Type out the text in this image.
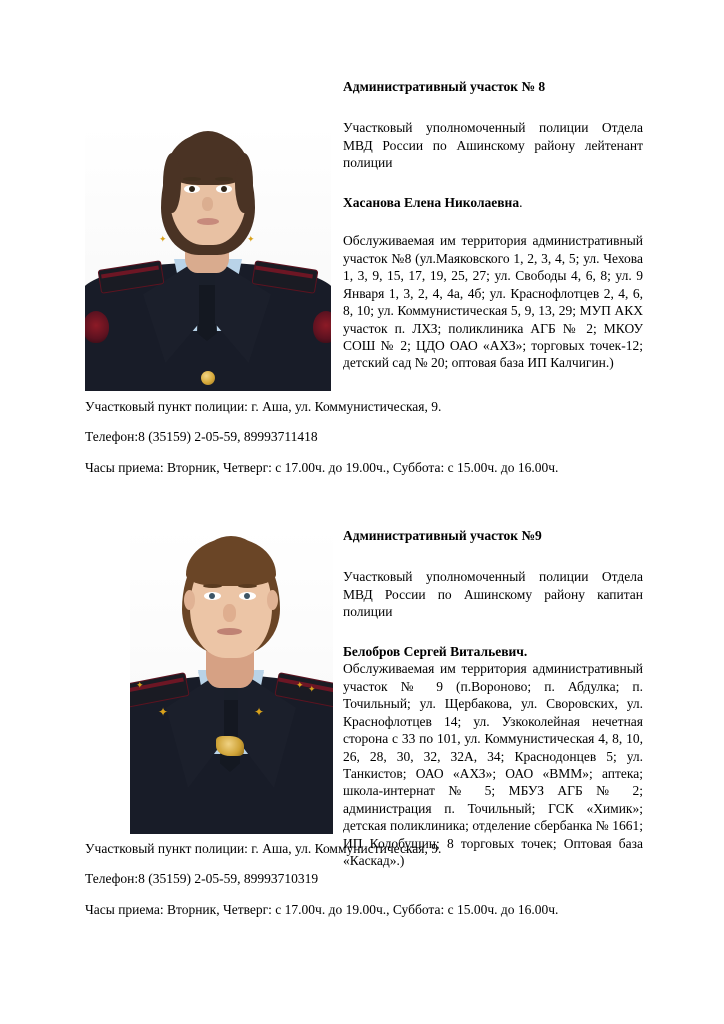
✦	✦
Административный участок № 8
Участковый уполномоченный полиции Отдела МВД России по Ашинскому району лейтенант полиции
Хасанова Елена Николаевна.
Обслуживаемая им территория административный участок №8 (ул.Маяковского 1, 2, 3, 4, 5; ул. Чехова 1, 3, 9, 15, 17, 19, 25, 27; ул. Свободы 4, 6, 8; ул. 9 Января 1, 3, 2, 4, 4а, 4б; ул. Краснофлотцев 2, 4, 6, 8, 10; ул. Коммунистическая 5, 9, 13, 29; МУП АКХ участок п. ЛХЗ; поликлиника АГБ № 2; МКОУ СОШ № 2; ЦДО ОАО «АХЗ»; торговых точек-12; детский сад № 20; оптовая база ИП Калчигин.)
Участковый пункт полиции: г. Аша, ул. Коммунистическая, 9.
Телефон:8 (35159) 2-05-59, 89993711418
Часы приема: Вторник, Четверг: с 17.00ч. до 19.00ч., Суббота: с 15.00ч. до 16.00ч.
✦	✦ ✦
✦	✦
Административный участок №9
Участковый уполномоченный полиции Отдела МВД России по Ашинскому району капитан полиции
Белобров Сергей Витальевич.
Обслуживаемая им территория административный участок № 9 (п.Вороново; п. Абдулка; п. Точильный; ул. Щербакова, ул. Своровских, ул. Краснофлотцев 14; ул. Узкоколейная нечетная сторона с 33 по 101, ул. Коммунистическая 4, 8, 10, 26, 28, 30, 32, 32А, 34; Краснодонцев 5; ул. Танкистов; ОАО «АХЗ»; ОАО «ВММ»; аптека; школа-интернат № 5; МБУЗ АГБ № 2; администрация п. Точильный; ГСК «Химик»; детская поликлиника; отделение сбербанка № 1661; ИП Колобушин; 8 торговых точек; Оптовая база «Каскад».)
Участковый пункт полиции: г. Аша, ул. Коммунистическая, 9.
Телефон:8 (35159) 2-05-59, 89993710319
Часы приема: Вторник, Четверг: с 17.00ч. до 19.00ч., Суббота: с 15.00ч. до 16.00ч.
